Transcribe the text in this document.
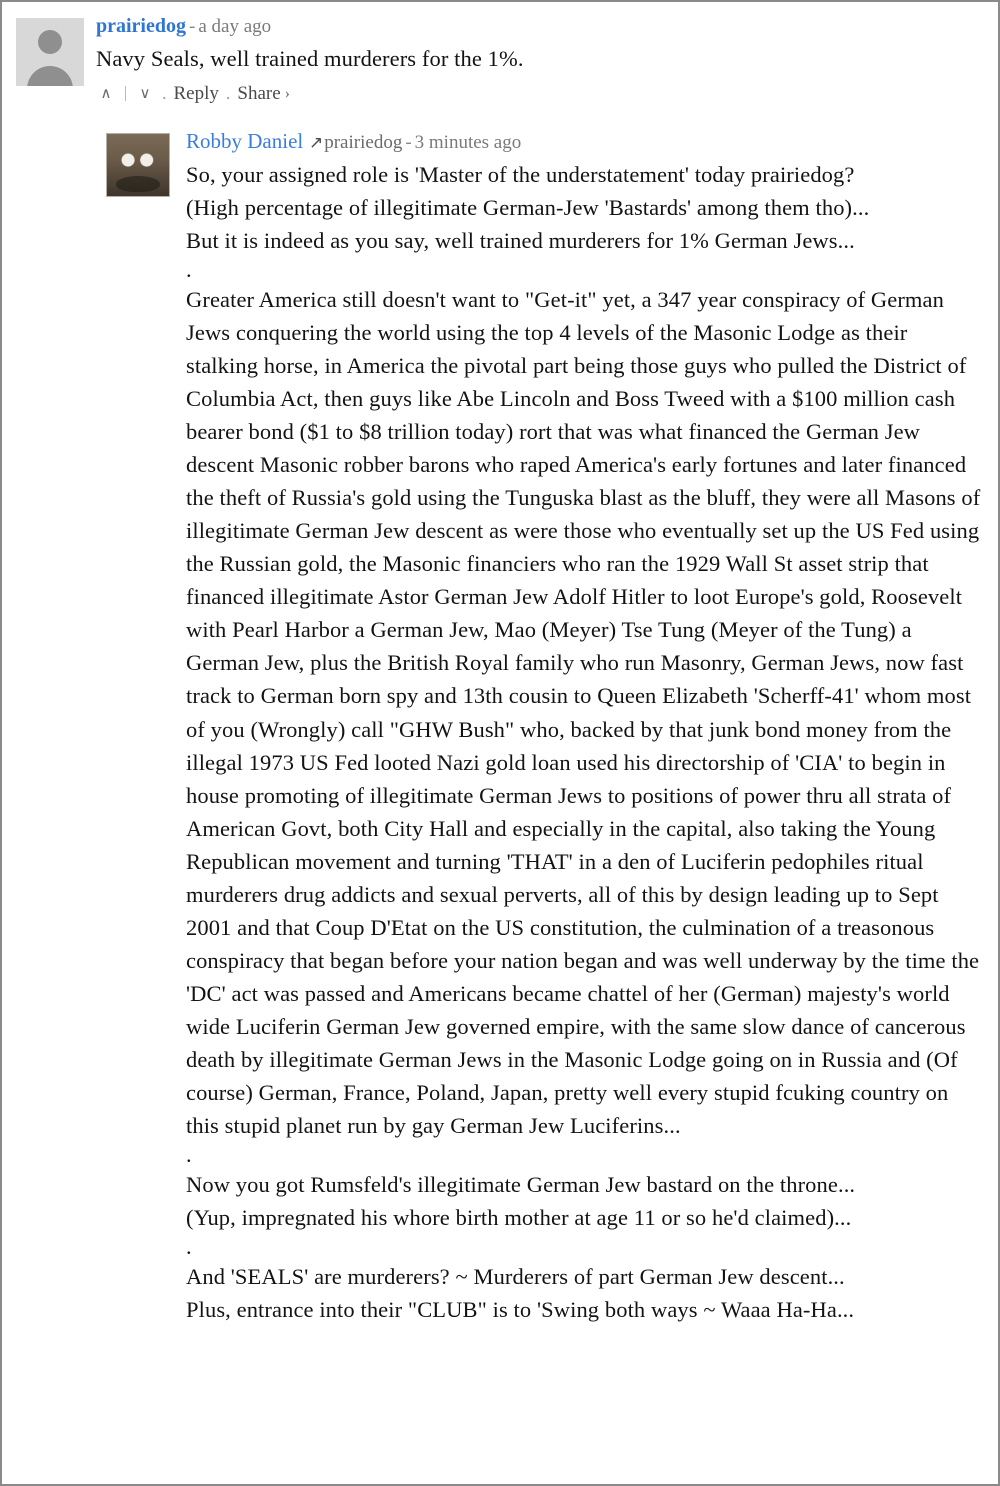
prairiedog - a day ago

Navy Seals, well trained murderers for the 1%.

∧	∨ . Reply . Share ›
Robby Daniel ↗prairiedog - 3 minutes ago

So, your assigned role is 'Master of the understatement' today prairiedog?

(High percentage of illegitimate German-Jew 'Bastards' among them tho)...

But it is indeed as you say, well trained murderers for 1% German Jews...

.

Greater America still doesn't want to "Get-it" yet, a 347 year conspiracy of German Jews conquering the world using the top 4 levels of the Masonic Lodge as their stalking horse, in America the pivotal part being those guys who pulled the District of Columbia Act, then guys like Abe Lincoln and Boss Tweed with a $100 million cash bearer bond ($1 to $8 trillion today) rort that was what financed the German Jew descent Masonic robber barons who raped America's early fortunes and later financed the theft of Russia's gold using the Tunguska blast as the bluff, they were all Masons of illegitimate German Jew descent as were those who eventually set up the US Fed using the Russian gold, the Masonic financiers who ran the 1929 Wall St asset strip that financed illegitimate Astor German Jew Adolf Hitler to loot Europe's gold, Roosevelt with Pearl Harbor a German Jew, Mao (Meyer) Tse Tung (Meyer of the Tung) a German Jew, plus the British Royal family who run Masonry, German Jews, now fast track to German born spy and 13th cousin to Queen Elizabeth 'Scherff-41' whom most of you (Wrongly) call "GHW Bush" who, backed by that junk bond money from the illegal 1973 US Fed looted Nazi gold loan used his directorship of 'CIA' to begin in house promoting of illegitimate German Jews to positions of power thru all strata of American Govt, both City Hall and especially in the capital, also taking the Young Republican movement and turning 'THAT' in a den of Luciferin pedophiles ritual murderers drug addicts and sexual perverts, all of this by design leading up to Sept 2001 and that Coup D'Etat on the US constitution, the culmination of a treasonous conspiracy that began before your nation began and was well underway by the time the 'DC' act was passed and Americans became chattel of her (German) majesty's world wide Luciferin German Jew governed empire, with the same slow dance of cancerous death by illegitimate German Jews in the Masonic Lodge going on in Russia and (Of course) German, France, Poland, Japan, pretty well every stupid fcuking country on this stupid planet run by gay German Jew Luciferins...

.

Now you got Rumsfeld's illegitimate German Jew bastard on the throne...

(Yup, impregnated his whore birth mother at age 11 or so he'd claimed)...

.

And 'SEALS' are murderers? ~ Murderers of part German Jew descent...

Plus, entrance into their "CLUB" is to 'Swing both ways ~ Waaa Ha-Ha...
